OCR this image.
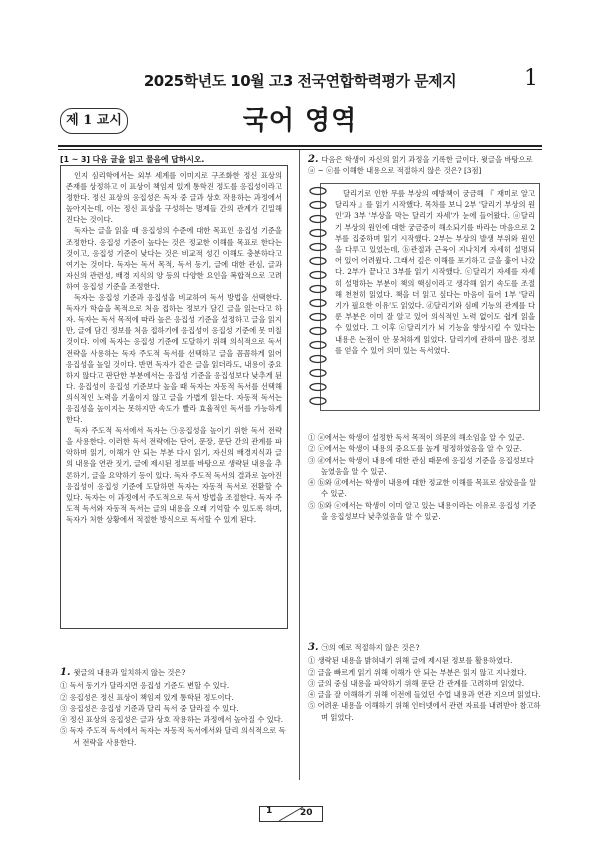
2025학년도 10월 고3 전국연합학력평가 문제지	1
제 1 교시	국어 영역
[1 ~ 3] 다음 글을 읽고 물음에 답하시오.

인지 심리학에서는 외부 세계를 이미지로 구조화한 정신 표상의 존재를 상정하고 이 표상이 책임져 있게 통학진 정도를 응집성이라고 정한다. 정신 표상의 응집성은 독자 중 글과 상호 작용하는 과정에서 높아지는데, 이는 정신 표상을 구성하는 명제들 간의 관계가 긴밀해진다는 것이다.

독자는 글을 읽을 때 응집성의 수준에 대한 목표인 응집성 기준을 조정한다. 응집성 기준이 높다는 것은 정교한 이해를 목표로 한다는 것이고, 응집성 기준이 낮다는 것은 비교적 성긴 이해도 충분하다고 여기는 것이다. 독자는 독서 목적, 독서 동기, 글에 대한 관심, 글과 자신의 관련성, 배경 지식의 양 등의 다양한 요인을 복합적으로 고려하여 응집성 기준을 조정한다.

독자는 응집성 기준과 응집성을 비교하여 독서 방법을 선택한다. 독자가 학습을 목적으로 처음 접하는 정보가 담긴 글을 읽는다고 하자. 독자는 독서 목적에 따라 높은 응집성 기준을 설정하고 글을 읽지만, 글에 담긴 정보를 처음 접하기에 응집성이 응집성 기준에 못 미칠 것이다. 이에 독자는 응집성 기준에 도달하기 위해 의식적으로 독서 전략을 사용하는 독자 주도적 독서를 선택하고 글을 꼼꼼하게 읽어 응집성을 높일 것이다. 반면 독자가 같은 글을 읽더라도, 내용이 중요하지 않다고 판단한 부분에서는 응집성 기준을 응집성보다 낮추게 된다. 응집성이 응집성 기준보다 높을 때 독자는 자동적 독서를 선택해 의식적인 노력을 기울이지 않고 글을 가볍게 읽는다. 자동적 독서는 응집성을 높이지는 못하지만 속도가 빨라 효율적인 독서를 가능하게 한다.

독자 주도적 독서에서 독자는 ㉠응집성을 높이기 위한 독서 전략을 사용한다. 이러한 독서 전략에는 단어, 문장, 문단 간의 관계를 파악하며 읽기, 이해가 안 되는 부분 다시 읽기, 자신의 배경지식과 글의 내용을 연관 짓기, 글에 제시된 정보를 바탕으로 생략된 내용을 추론하기, 글을 요약하기 등이 있다. 독자 주도적 독서의 결과로 높아진 응집성이 응집성 기준에 도달하면 독자는 자동적 독서로 전환할 수 있다. 독자는 이 과정에서 주도적으로 독서 방법을 조절한다. 독자 주도적 독서와 자동적 독서는 글의 내용을 오래 기억할 수 있도록 하며, 독자가 처한 상황에서 적절한 방식으로 독서할 수 있게 된다.

1. 윗글의 내용과 일치하지 않는 것은?

① 독서 동기가 달라지면 응집성 기준도 변할 수 있다.
② 응집성은 정신 표상이 책임져 있게 통학된 정도이다.
③ 응집성은 응집성 기준과 달리 독서 중 달라질 수 있다.
④ 정신 표상의 응집성은 글과 상호 작용하는 과정에서 높아질 수 있다.
⑤ 독자 주도적 독서에서 독자는 자동적 독서에서와 달리 의식적으로 독서 전략을 사용한다.

2. 다음은 학생이 자신의 읽기 과정을 기록한 글이다. 윗글을 바탕으로 ⓐ ~ ⓔ를 이해한 내용으로 적절하지 않은 것은? [3점]

달리기로 인한 무릎 부상의 예방책이 궁금해 『 재미로 알고 달리자 』를 읽기 시작했다. 목차를 보니 2부 '달리기 부상의 원인'과 3부 '부상을 막는 달리기 자세'가 눈에 들어왔다. ⓐ달리기 부상의 원인에 대한 궁금증이 해소되기를 바라는 마음으로 2부를 집중하며 읽기 시작했다. 2부는 부상의 발생 부위와 원인을 다루고 있었는데, ⓑ관절과 근육이 지나치게 자세히 설명되어 있어 어려웠다. 그래서 깊은 이해를 포기하고 글을 훑어 나갔다. 2부가 끝나고 3부를 읽기 시작했다. ⓒ달리기 자세를 자세히 설명하는 부분이 책의 핵심이라고 생각해 읽기 속도를 조절해 천천히 읽었다. 책을 더 읽고 싶다는 마음이 들어 1부 '달리기가 필요한 이유'도 읽었다. ⓓ달리기와 심폐 기능의 관계를 다룬 부분은 이미 잘 알고 있어 의식적인 노력 없이도 쉽게 읽을 수 있었다. 그 이후 ⓔ달리기가 뇌 기능을 향상시킬 수 있다는 내용은 논점이 안 뭉쳐하게 읽었다. 달리기에 관하여 많은 정보를 얻을 수 있어 의미 있는 독서였다.

① ⓐ에서는 학생이 설정한 독서 목적이 의문의 해소임을 알 수 있군.
② ⓒ에서는 학생이 내용의 중요도를 높게 평정하였음을 알 수 있군.
③ ⓓ에서는 학생이 내용에 대한 관심 때문에 응집성 기준을 응집성보다 높였음을 알 수 있군.
④ ⓑ와 ⓓ에서는 학생이 내용에 대한 정교한 이해를 목표로 삼았음을 알 수 있군.
⑤ ⓑ와 ⓔ에서는 학생이 이미 알고 있는 내용이라는 이유로 응집성 기준을 응집성보다 낮추었음을 알 수 있군.

3. ㉠의 예로 적절하지 않은 것은?

① 생략된 내용을 밝혀내기 위해 글에 제시된 정보를 활용하였다.
② 글을 빠르게 읽기 위해 이해가 안 되는 부분은 읽지 않고 지나쳤다.
③ 글의 중심 내용을 파악하기 위해 문단 간 관계를 고려하며 읽었다.
④ 글을 잘 이해하기 위해 이전에 들었던 수업 내용과 연관 지으며 읽었다.
⑤ 어려운 내용을 이해하기 위해 인터넷에서 관련 자료를 내려받아 참고하며 읽었다.
1	20
